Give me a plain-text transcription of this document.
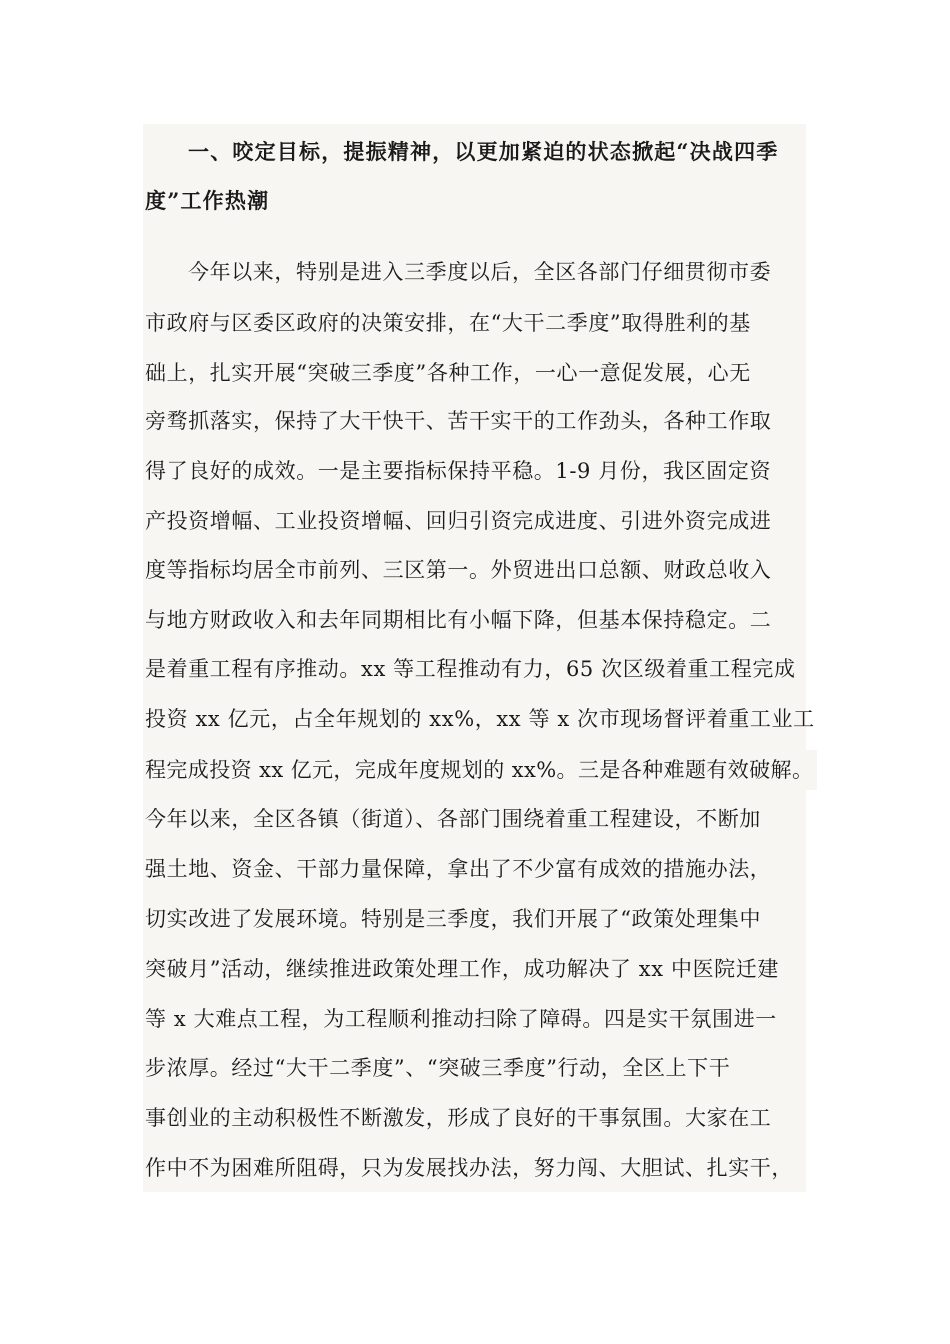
一、咬定目标，提振精神，以更加紧迫的状态掀起“决战四季
度”工作热潮
今年以来，特别是进入三季度以后，全区各部门仔细贯彻市委
市政府与区委区政府的决策安排，在“大干二季度”取得胜利的基
础上，扎实开展“突破三季度”各种工作，一心一意促发展，心无
旁骛抓落实，保持了大干快干、苦干实干的工作劲头，各种工作取
得了良好的成效。一是主要指标保持平稳。1-9 月份，我区固定资
产投资增幅、工业投资增幅、回归引资完成进度、引进外资完成进
度等指标均居全市前列、三区第一。外贸进出口总额、财政总收入
与地方财政收入和去年同期相比有小幅下降，但基本保持稳定。二
是着重工程有序推动。xx 等工程推动有力，65 次区级着重工程完成
投资 xx 亿元，占全年规划的 xx%，xx 等 x 次市现场督评着重工业工
程完成投资 xx 亿元，完成年度规划的 xx%。三是各种难题有效破解。
今年以来，全区各镇（街道）、各部门围绕着重工程建设，不断加
强土地、资金、干部力量保障，拿出了不少富有成效的措施办法，
切实改进了发展环境。特别是三季度，我们开展了“政策处理集中
突破月”活动，继续推进政策处理工作，成功解决了 xx 中医院迁建
等 x 大难点工程，为工程顺利推动扫除了障碍。四是实干氛围进一
步浓厚。经过“大干二季度”、“突破三季度”行动，全区上下干
事创业的主动积极性不断激发，形成了良好的干事氛围。大家在工
作中不为困难所阻碍，只为发展找办法，努力闯、大胆试、扎实干，
